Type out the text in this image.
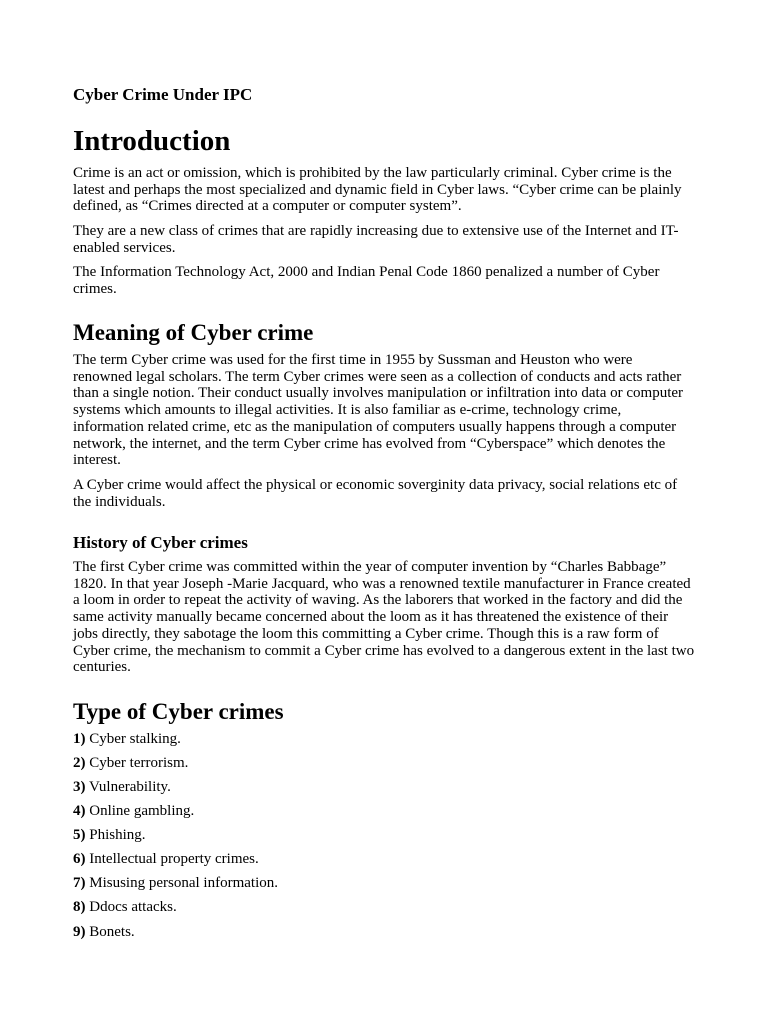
Cyber Crime Under IPC
Introduction

Crime is an act or omission, which is prohibited by the law particularly criminal. Cyber crime is the latest and perhaps the most specialized and dynamic field in Cyber laws. “Cyber crime can be plainly defined, as “Crimes directed at a computer or computer system”.

They are a new class of crimes that are rapidly increasing due to extensive use of the Internet and IT-enabled services.

The Information Technology Act, 2000 and Indian Penal Code 1860 penalized a number of Cyber crimes.

Meaning of Cyber crime

The term Cyber crime was used for the first time in 1955 by Sussman and Heuston who were renowned legal scholars. The term Cyber crimes were seen as a collection of conducts and acts rather than a single notion. Their conduct usually involves manipulation or infiltration into data or computer systems which amounts to illegal activities. It is also familiar as e-crime, technology crime, information related crime, etc as the manipulation of computers usually happens through a computer network, the internet, and the term Cyber crime has evolved from “Cyberspace” which denotes the interest.

A Cyber crime would affect the physical or economic soverginity data privacy, social relations etc of the individuals.

History of Cyber crimes

The first Cyber crime was committed within the year of computer invention by “Charles Babbage” 1820. In that year Joseph -Marie Jacquard, who was a renowned textile manufacturer in France created a loom in order to repeat the activity of waving. As the laborers that worked in the factory and did the same activity manually became concerned about the loom as it has threatened the existence of their jobs directly, they sabotage the loom this committing a Cyber crime. Though this is a raw form of Cyber crime, the mechanism to commit a Cyber crime has evolved to a dangerous extent in the last two centuries.

Type of Cyber crimes

1) Cyber stalking.

2) Cyber terrorism.

3) Vulnerability.

4) Online gambling.

5) Phishing.

6) Intellectual property crimes.

7) Misusing personal information.

8) Ddocs attacks.

9) Bonets.
